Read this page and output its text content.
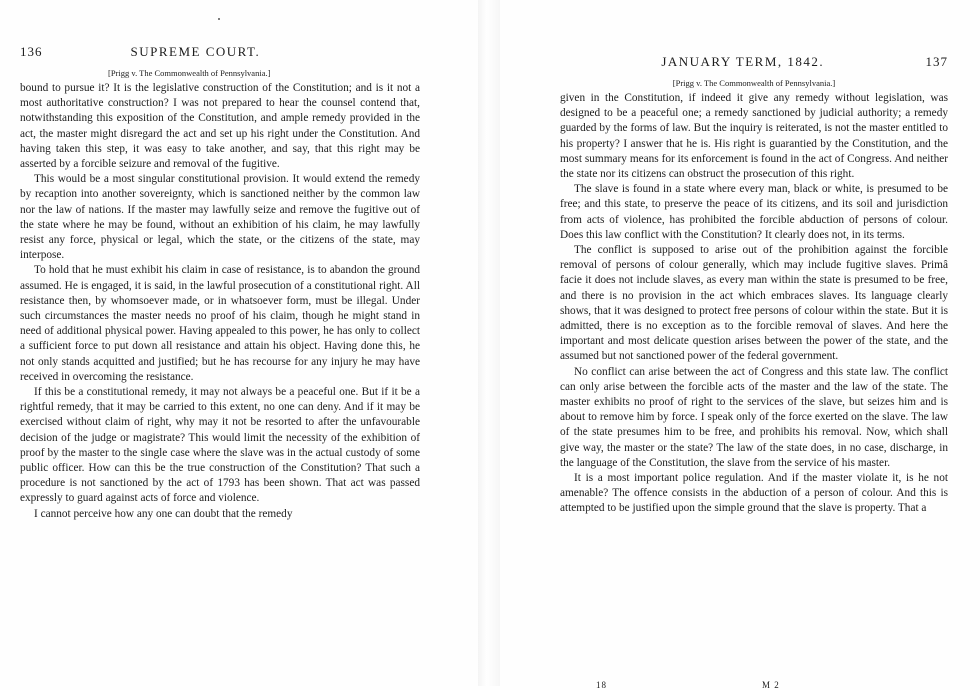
136	SUPREME COURT.
[Prigg v. The Commonwealth of Pennsylvania.]

bound to pursue it? It is the legislative construction of the Constitution; and is it not a most authoritative construction? I was not prepared to hear the counsel contend that, notwithstanding this exposition of the Constitution, and ample remedy provided in the act, the master might disregard the act and set up his right under the Constitution. And having taken this step, it was easy to take another, and say, that this right may be asserted by a forcible seizure and removal of the fugitive.

This would be a most singular constitutional provision. It would extend the remedy by recaption into another sovereignty, which is sanctioned neither by the common law nor the law of nations. If the master may lawfully seize and remove the fugitive out of the state where he may be found, without an exhibition of his claim, he may lawfully resist any force, physical or legal, which the state, or the citizens of the state, may interpose.

To hold that he must exhibit his claim in case of resistance, is to abandon the ground assumed. He is engaged, it is said, in the lawful prosecution of a constitutional right. All resistance then, by whomsoever made, or in whatsoever form, must be illegal. Under such circumstances the master needs no proof of his claim, though he might stand in need of additional physical power. Having appealed to this power, he has only to collect a sufficient force to put down all resistance and attain his object. Having done this, he not only stands acquitted and justified; but he has recourse for any injury he may have received in overcoming the resistance.

If this be a constitutional remedy, it may not always be a peaceful one. But if it be a rightful remedy, that it may be carried to this extent, no one can deny. And if it may be exercised without claim of right, why may it not be resorted to after the unfavourable decision of the judge or magistrate? This would limit the necessity of the exhibition of proof by the master to the single case where the slave was in the actual custody of some public officer. How can this be the true construction of the Constitution? That such a procedure is not sanctioned by the act of 1793 has been shown. That act was passed expressly to guard against acts of force and violence.

I cannot perceive how any one can doubt that the remedy

JANUARY TERM, 1842.	137
[Prigg v. The Commonwealth of Pennsylvania.]

given in the Constitution, if indeed it give any remedy without legislation, was designed to be a peaceful one; a remedy sanctioned by judicial authority; a remedy guarded by the forms of law. But the inquiry is reiterated, is not the master entitled to his property? I answer that he is. His right is guarantied by the Constitution, and the most summary means for its enforcement is found in the act of Congress. And neither the state nor its citizens can obstruct the prosecution of this right.

The slave is found in a state where every man, black or white, is presumed to be free; and this state, to preserve the peace of its citizens, and its soil and jurisdiction from acts of violence, has prohibited the forcible abduction of persons of colour. Does this law conflict with the Constitution? It clearly does not, in its terms.

The conflict is supposed to arise out of the prohibition against the forcible removal of persons of colour generally, which may include fugitive slaves. Primâ facie it does not include slaves, as every man within the state is presumed to be free, and there is no provision in the act which embraces slaves. Its language clearly shows, that it was designed to protect free persons of colour within the state. But it is admitted, there is no exception as to the forcible removal of slaves. And here the important and most delicate question arises between the power of the state, and the assumed but not sanctioned power of the federal government.

No conflict can arise between the act of Congress and this state law. The conflict can only arise between the forcible acts of the master and the law of the state. The master exhibits no proof of right to the services of the slave, but seizes him and is about to remove him by force. I speak only of the force exerted on the slave. The law of the state presumes him to be free, and prohibits his removal. Now, which shall give way, the master or the state? The law of the state does, in no case, discharge, in the language of the Constitution, the slave from the service of his master.

It is a most important police regulation. And if the master violate it, is he not amenable? The offence consists in the abduction of a person of colour. And this is attempted to be justified upon the simple ground that the slave is property. That a

18	M 2
